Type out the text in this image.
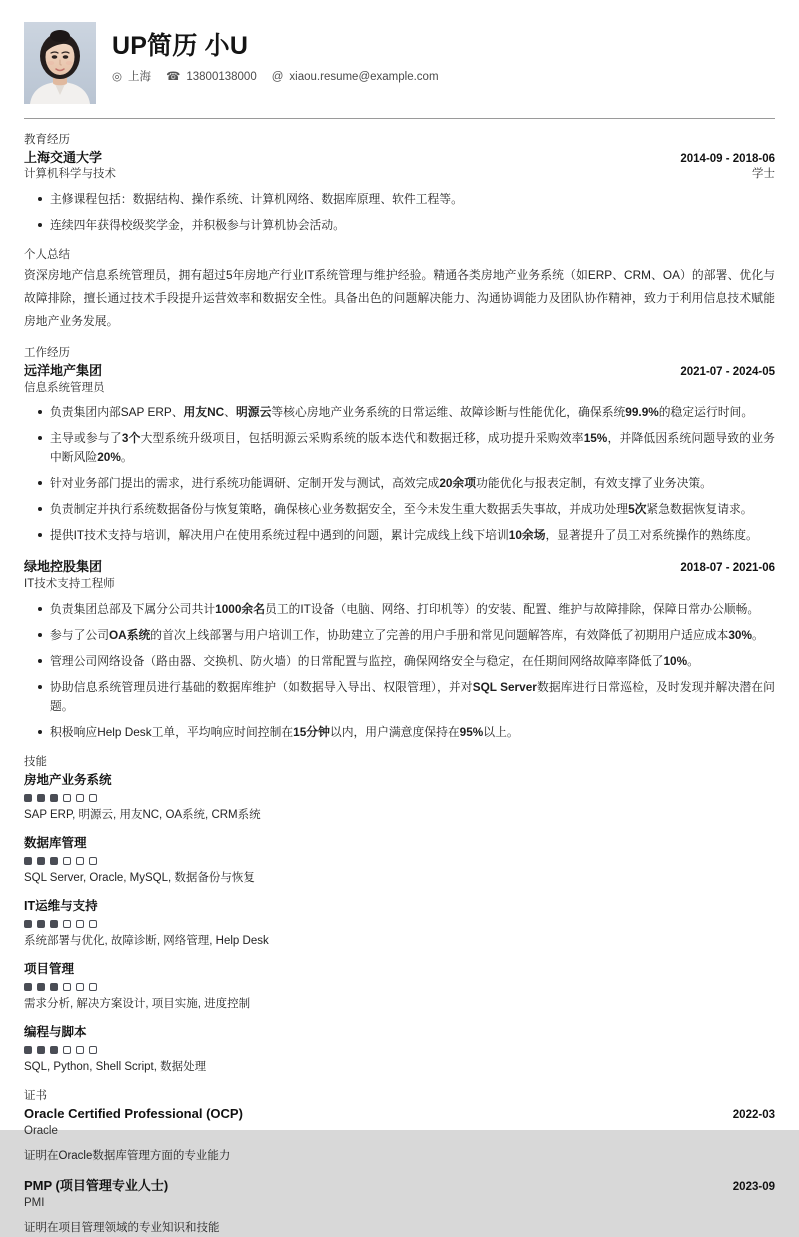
UP简历 小U
◎ 上海 ☎ 13800138000 @ xiaou.resume@example.com
教育经历
上海交通大学	2014-09 - 2018-06
计算机科学与技术	学士
主修课程包括：数据结构、操作系统、计算机网络、数据库原理、软件工程等。
连续四年获得校级奖学金，并积极参与计算机协会活动。
个人总结
资深房地产信息系统管理员，拥有超过5年房地产行业IT系统管理与维护经验。精通各类房地产业务系统（如ERP、CRM、OA）的部署、优化与故障排除，擅长通过技术手段提升运营效率和数据安全性。具备出色的问题解决能力、沟通协调能力及团队协作精神，致力于利用信息技术赋能房地产业务发展。
工作经历
远洋地产集团	2021-07 - 2024-05
信息系统管理员
负责集团内部SAP ERP、用友NC、明源云等核心房地产业务系统的日常运维、故障诊断与性能优化，确保系统99.9%的稳定运行时间。
主导或参与了3个大型系统升级项目，包括明源云采购系统的版本迭代和数据迁移，成功提升采购效率15%，并降低因系统问题导致的业务中断风险20%。
针对业务部门提出的需求，进行系统功能调研、定制开发与测试，高效完成20余项功能优化与报表定制，有效支撑了业务决策。
负责制定并执行系统数据备份与恢复策略，确保核心业务数据安全，至今未发生重大数据丢失事故，并成功处理5次紧急数据恢复请求。
提供IT技术支持与培训，解决用户在使用系统过程中遇到的问题，累计完成线上线下培训10余场，显著提升了员工对系统操作的熟练度。
绿地控股集团	2018-07 - 2021-06
IT技术支持工程师
负责集团总部及下属分公司共计1000余名员工的IT设备（电脑、网络、打印机等）的安装、配置、维护与故障排除，保障日常办公顺畅。
参与了公司OA系统的首次上线部署与用户培训工作，协助建立了完善的用户手册和常见问题解答库，有效降低了初期用户适应成本30%。
管理公司网络设备（路由器、交换机、防火墙）的日常配置与监控，确保网络安全与稳定，在任期间网络故障率降低了10%。
协助信息系统管理员进行基础的数据库维护（如数据导入导出、权限管理），并对SQL Server数据库进行日常巡检，及时发现并解决潜在问题。
积极响应Help Desk工单，平均响应时间控制在15分钟以内，用户满意度保持在95%以上。
技能
房地产业务系统
SAP ERP, 明源云, 用友NC, OA系统, CRM系统
数据库管理
SQL Server, Oracle, MySQL, 数据备份与恢复
IT运维与支持
系统部署与优化, 故障诊断, 网络管理, Help Desk
项目管理
需求分析, 解决方案设计, 项目实施, 进度控制
编程与脚本
SQL, Python, Shell Script, 数据处理
证书
Oracle Certified Professional (OCP)	2022-03
Oracle
证明在Oracle数据库管理方面的专业能力
PMP (项目管理专业人士)	2023-09
PMI
证明在项目管理领域的专业知识和技能
